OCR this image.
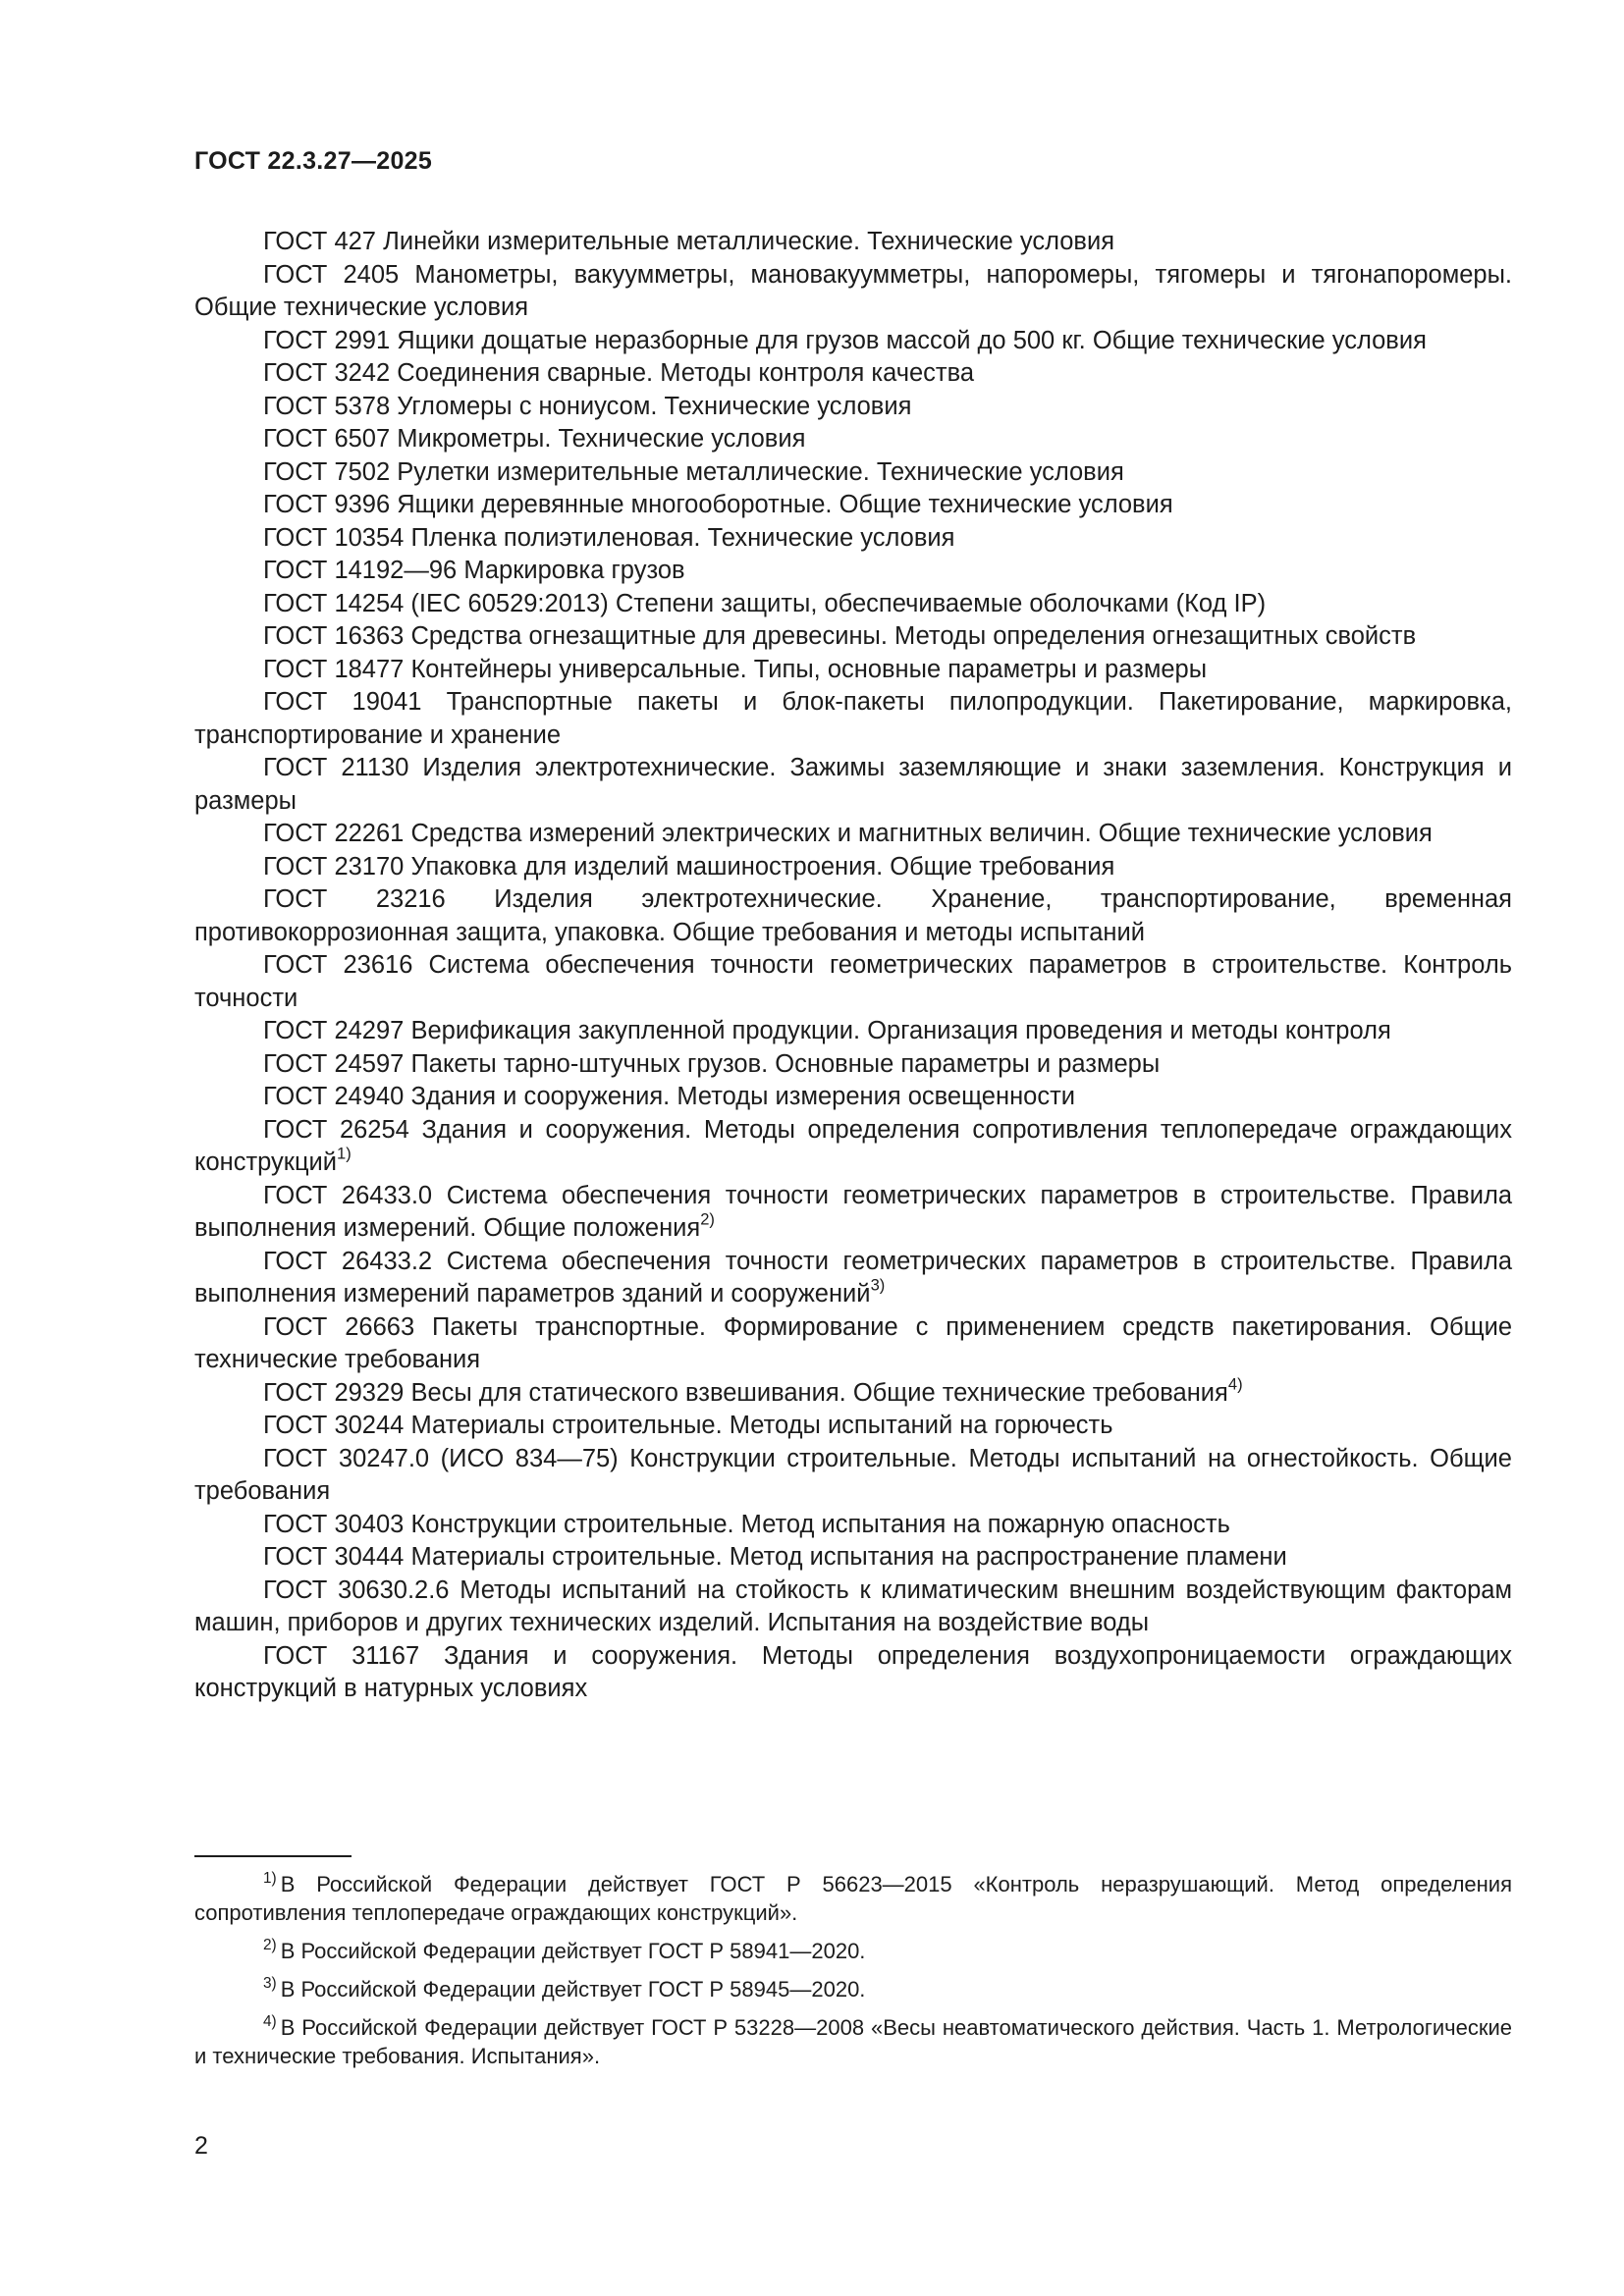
ГОСТ 22.3.27—2025

ГОСТ 427 Линейки измерительные металлические. Технические условия

ГОСТ 2405 Манометры, вакуумметры, мановакуумметры, напоромеры, тягомеры и тягонапоромеры. Общие технические условия

ГОСТ 2991 Ящики дощатые неразборные для грузов массой до 500 кг. Общие технические условия

ГОСТ 3242 Соединения сварные. Методы контроля качества

ГОСТ 5378 Угломеры с нониусом. Технические условия

ГОСТ 6507 Микрометры. Технические условия

ГОСТ 7502 Рулетки измерительные металлические. Технические условия

ГОСТ 9396 Ящики деревянные многооборотные. Общие технические условия

ГОСТ 10354 Пленка полиэтиленовая. Технические условия

ГОСТ 14192—96 Маркировка грузов

ГОСТ 14254 (IEC 60529:2013) Степени защиты, обеспечиваемые оболочками (Код IP)

ГОСТ 16363 Средства огнезащитные для древесины. Методы определения огнезащитных свойств

ГОСТ 18477 Контейнеры универсальные. Типы, основные параметры и размеры

ГОСТ 19041 Транспортные пакеты и блок-пакеты пилопродукции. Пакетирование, маркировка, транспортирование и хранение

ГОСТ 21130 Изделия электротехнические. Зажимы заземляющие и знаки заземления. Конструкция и размеры

ГОСТ 22261 Средства измерений электрических и магнитных величин. Общие технические условия

ГОСТ 23170 Упаковка для изделий машиностроения. Общие требования

ГОСТ 23216 Изделия электротехнические. Хранение, транспортирование, временная противокоррозионная защита, упаковка. Общие требования и методы испытаний

ГОСТ 23616 Система обеспечения точности геометрических параметров в строительстве. Контроль точности

ГОСТ 24297 Верификация закупленной продукции. Организация проведения и методы контроля

ГОСТ 24597 Пакеты тарно-штучных грузов. Основные параметры и размеры

ГОСТ 24940 Здания и сооружения. Методы измерения освещенности

ГОСТ 26254 Здания и сооружения. Методы определения сопротивления теплопередаче ограждающих конструкций$^{1)}$

ГОСТ 26433.0 Система обеспечения точности геометрических параметров в строительстве. Правила выполнения измерений. Общие положения$^{2)}$

ГОСТ 26433.2 Система обеспечения точности геометрических параметров в строительстве. Правила выполнения измерений параметров зданий и сооружений$^{3)}$

ГОСТ 26663 Пакеты транспортные. Формирование с применением средств пакетирования. Общие технические требования

ГОСТ 29329 Весы для статического взвешивания. Общие технические требования$^{4)}$

ГОСТ 30244 Материалы строительные. Методы испытаний на горючесть

ГОСТ 30247.0 (ИСО 834—75) Конструкции строительные. Методы испытаний на огнестойкость. Общие требования

ГОСТ 30403 Конструкции строительные. Метод испытания на пожарную опасность

ГОСТ 30444 Материалы строительные. Метод испытания на распространение пламени

ГОСТ 30630.2.6 Методы испытаний на стойкость к климатическим внешним воздействующим факторам машин, приборов и других технических изделий. Испытания на воздействие воды

ГОСТ 31167 Здания и сооружения. Методы определения воздухопроницаемости ограждающих конструкций в натурных условиях

$^{1)}$ В Российской Федерации действует ГОСТ Р 56623—2015 «Контроль неразрушающий. Метод определения сопротивления теплопередаче ограждающих конструкций».

$^{2)}$ В Российской Федерации действует ГОСТ Р 58941—2020.

$^{3)}$ В Российской Федерации действует ГОСТ Р 58945—2020.

$^{4)}$ В Российской Федерации действует ГОСТ Р 53228—2008 «Весы неавтоматического действия. Часть 1. Метрологические и технические требования. Испытания».

2
